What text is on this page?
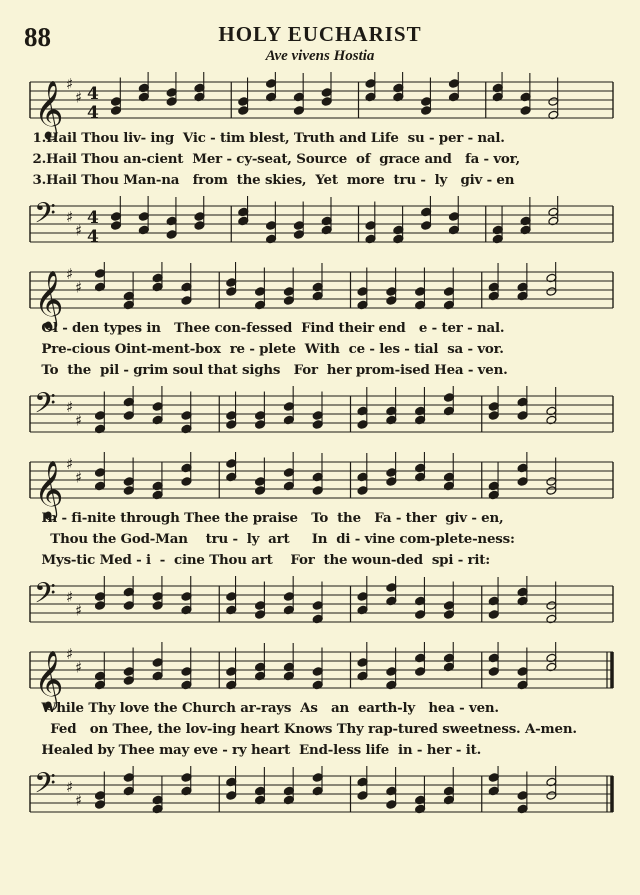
88	HOLY EUCHARIST
Ave vivens Hostia
𝄞 ♯
♯ 4
4
1.Hail Thou liv- ing  Vic - tim blest, Truth and Life  su - per - nal.
2.Hail Thou an-cient  Mer - cy-seat, Source  of  grace and   fa - vor,
3.Hail Thou Man-na   from  the skies,  Yet  more  tru -  ly   giv - en
𝄢 ♯
♯
4
4
𝄞 ♯
♯
Ol - den types in   Thee con-fessed  Find their end   e - ter - nal.
Pre-cious Oint-ment-box  re - plete  With  ce - les - tial  sa - vor.
To  the  pil - grim soul that sighs   For  her prom-ised Hea - ven.
𝄢 ♯
♯
𝄞 ♯
♯
In - fi-nite through Thee the praise   To  the   Fa - ther  giv - en,
Thou the God-Man    tru -  ly  art     In  di - vine com-plete-ness:
Mys-tic Med - i  -  cine Thou art    For  the woun-ded  spi - rit:
𝄢 ♯
♯
𝄞 ♯
♯
While Thy love the Church ar-rays  As   an  earth-ly   hea - ven.
Fed   on Thee, the lov-ing heart Knows Thy rap-tured sweetness. A-men.
Healed by Thee may eve - ry heart  End-less life  in - her - it.
𝄢 ♯
♯
